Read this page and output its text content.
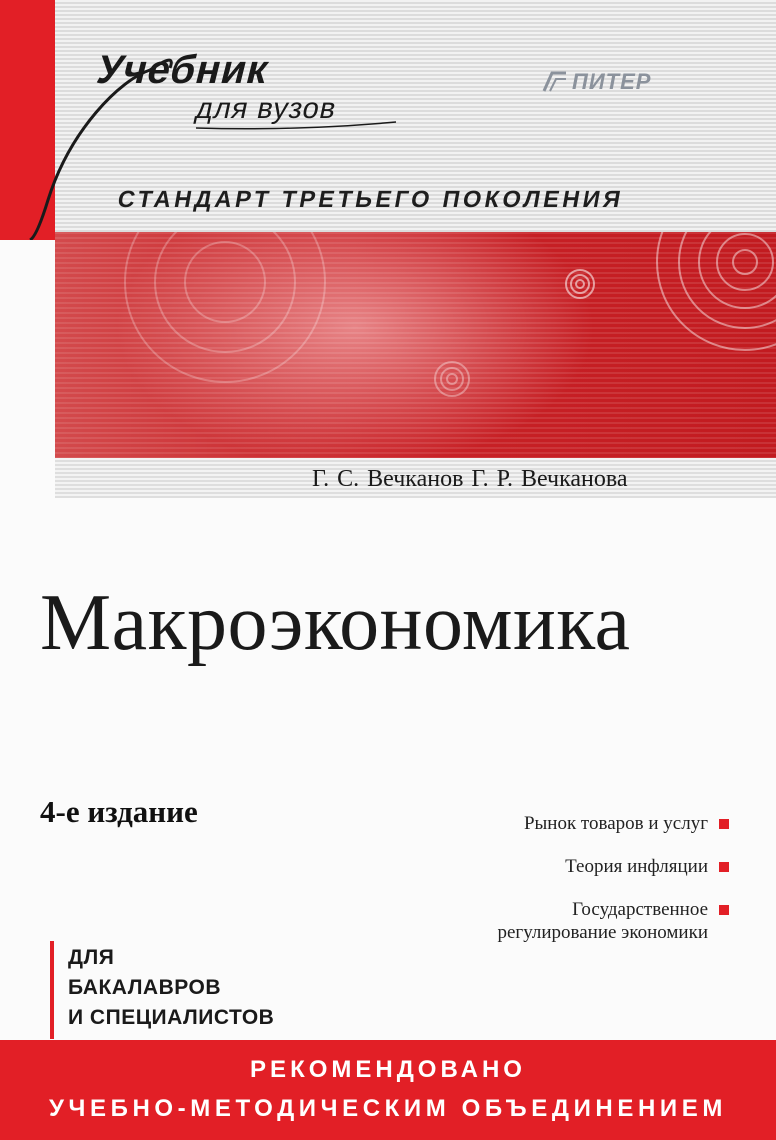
Учебник
для вузов
ПИТЕР
СТАНДАРТ ТРЕТЬЕГО ПОКОЛЕНИЯ
Г. С. Вечканов Г. Р. Вечканова
Макроэкономика
4-е издание	Рынок товаров и услуг
Теория инфляции
Государственное
регулирование экономики
ДЛЯ
БАКАЛАВРОВ
И СПЕЦИАЛИСТОВ
РЕКОМЕНДОВАНО
УЧЕБНО-МЕТОДИЧЕСКИМ ОБЪЕДИНЕНИЕМ
